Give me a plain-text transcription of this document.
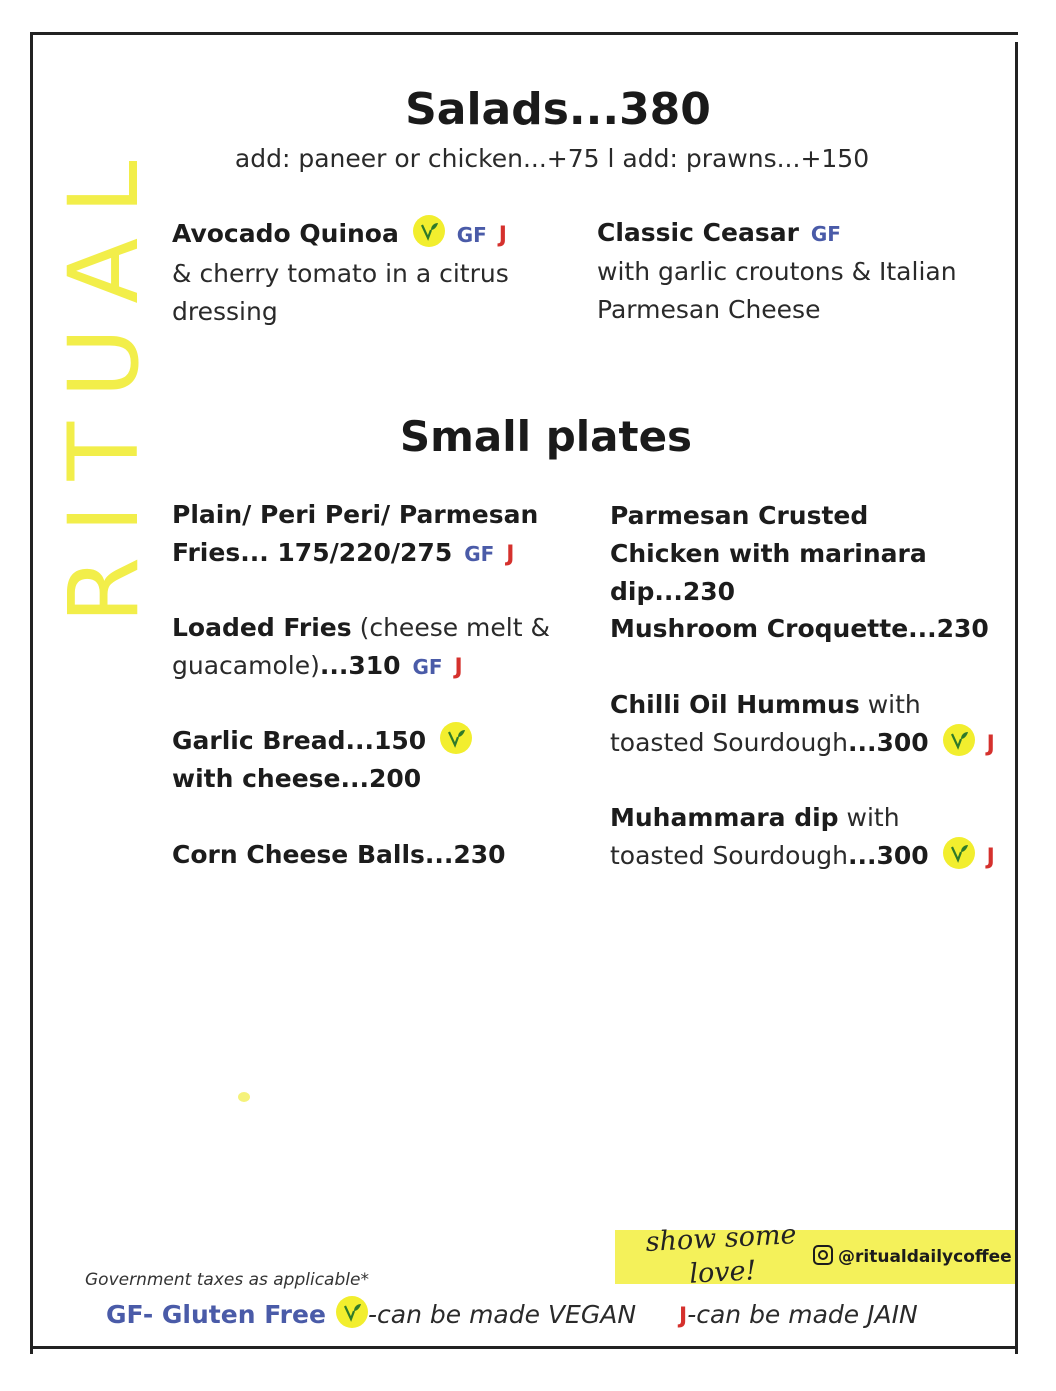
RITUAL
Salads...380
add: paneer or chicken...+75 l add: prawns...+150
Avocado Quinoa	GF J
& cherry tomato in a citrus dressing
Classic Ceasar GF
with garlic croutons & Italian Parmesan Cheese
Small plates
Plain/ Peri Peri/ Parmesan Fries... 175/220/275 GF J
Loaded Fries (cheese melt & guacamole)...310 GF J
Garlic Bread...150

with cheese...200
Corn Cheese Balls...230
Parmesan Crusted Chicken with marinara dip...230
Mushroom Croquette...230
Chilli Oil Hummus with toasted Sourdough...300	J
Muhammara dip with toasted Sourdough...300	J
show some love!	@ritualdailycoffee
Government taxes as applicable*
GF- Gluten Free	-can be made VEGAN J-can be made JAIN
